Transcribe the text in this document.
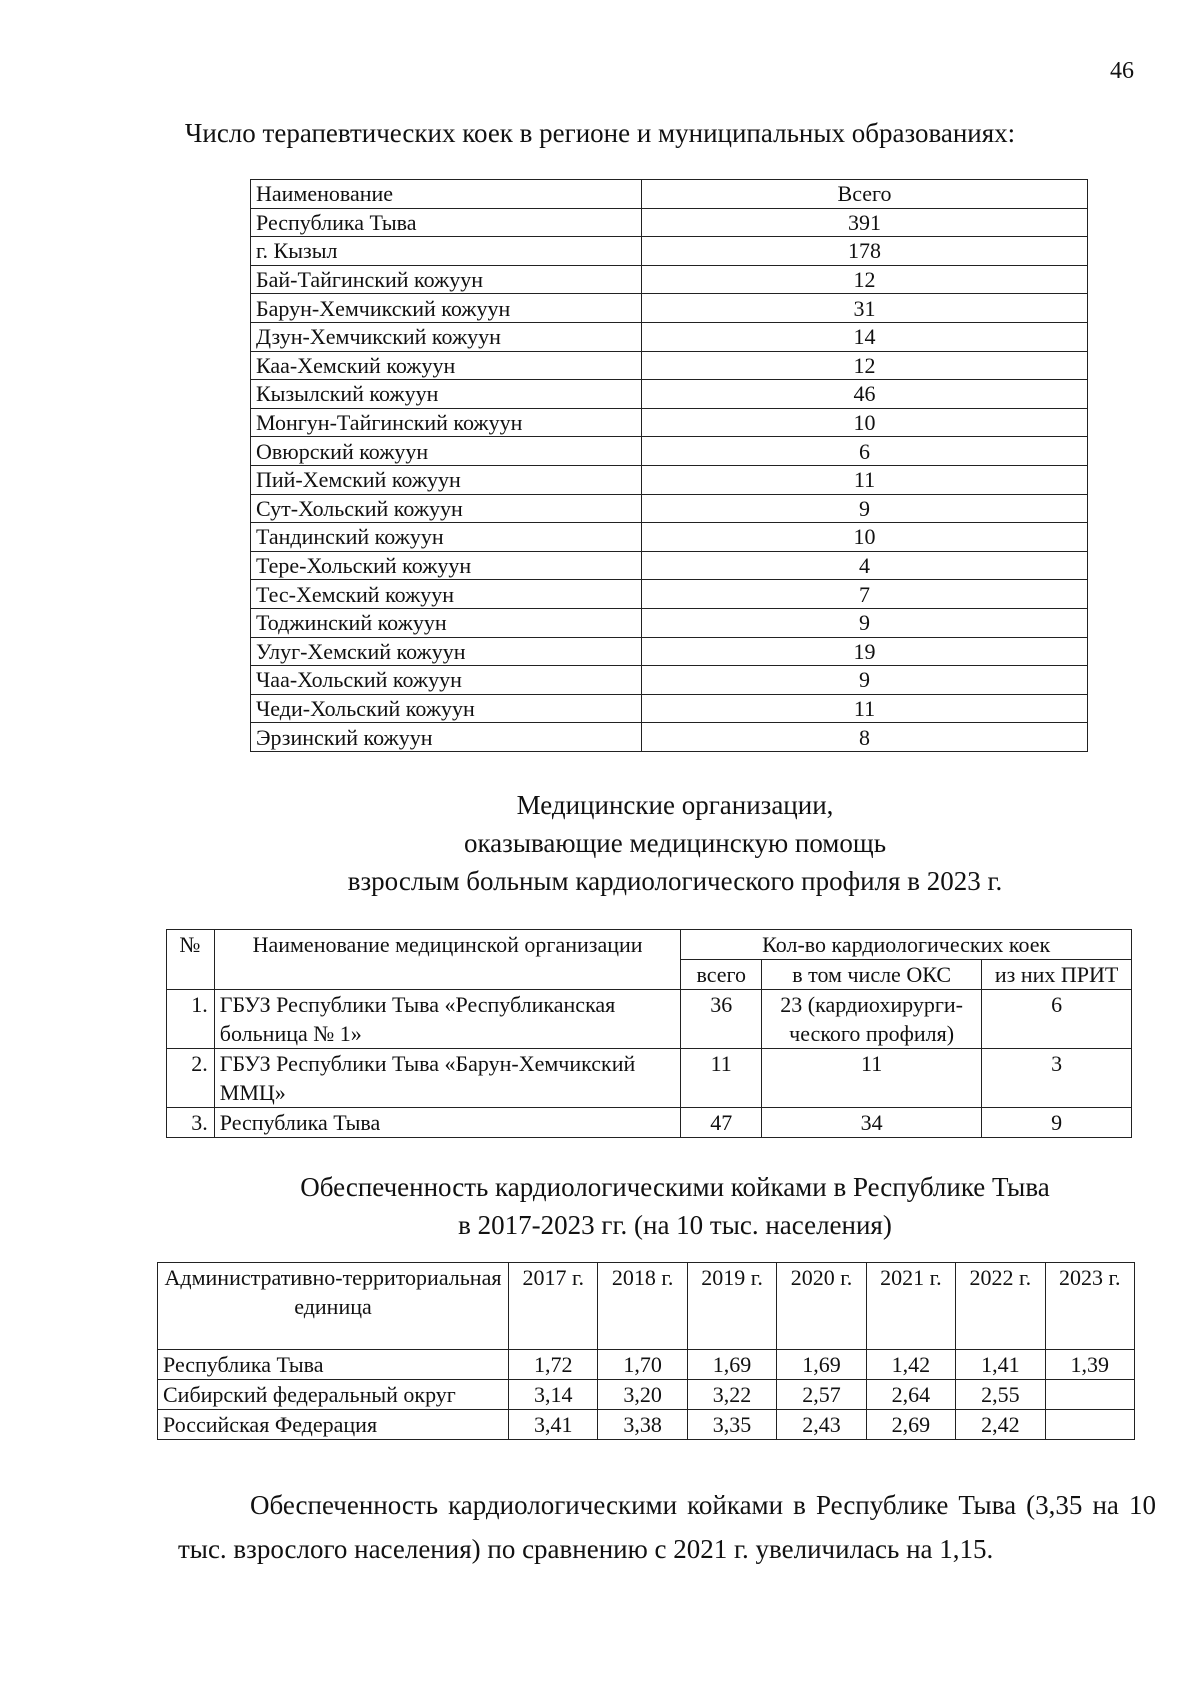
46
Число терапевтических коек в регионе и муниципальных образованиях:
Наименование	Всего
Республика Тыва	391
г. Кызыл	178
Бай-Тайгинский кожуун	12
Барун-Хемчикский кожуун	31
Дзун-Хемчикский кожуун	14
Каа-Хемский кожуун	12
Кызылский кожуун	46
Монгун-Тайгинский кожуун	10
Овюрский кожуун	6
Пий-Хемский кожуун	11
Сут-Хольский кожуун	9
Тандинский кожуун	10
Тере-Хольский кожуун	4
Тес-Хемский кожуун	7
Тоджинский кожуун	9
Улуг-Хемский кожуун	19
Чаа-Хольский кожуун	9
Чеди-Хольский кожуун	11
Эрзинский кожуун	8
Медицинские организации,
оказывающие медицинскую помощь
взрослым больным кардиологического профиля в 2023 г.
№	Наименование медицинской организации	Кол-во кардиологических коек		
		всего	в том числе ОКС	из них ПРИТ
1.	ГБУЗ Республики Тыва «Республиканская больница № 1»	36	23 (кардиохирурги-ческого профиля)	6
2.	ГБУЗ Республики Тыва «Барун-Хемчикский ММЦ»	11	11	3
3.	Республика Тыва	47	34	9
Обеспеченность кардиологическими койками в Республике Тыва
в 2017-2023 гг. (на 10 тыс. населения)
Административно-территориальная единица	2017 г.	2018 г.	2019 г.	2020 г.	2021 г.	2022 г.	2023 г.
Республика Тыва	1,72	1,70	1,69	1,69	1,42	1,41	1,39
Сибирский федеральный округ	3,14	3,20	3,22	2,57	2,64	2,55	
Российская Федерация	3,41	3,38	3,35	2,43	2,69	2,42	
Обеспеченность кардиологическими койками в Республике Тыва (3,35 на 10 тыс. взрослого населения) по сравнению с 2021 г. увеличилась на 1,15.
